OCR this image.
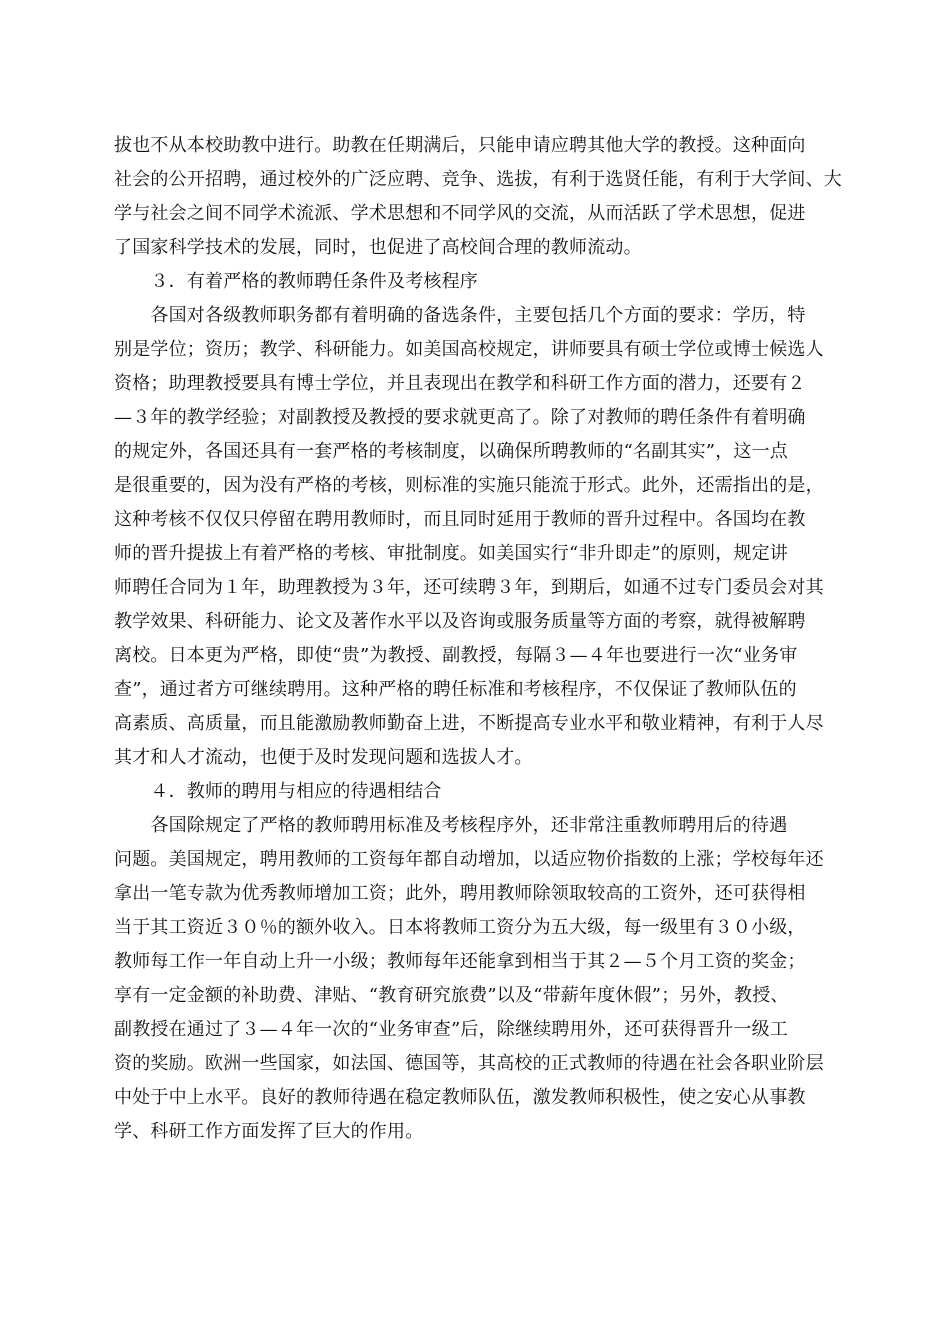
拔也不从本校助教中进行。助教在任期满后，只能申请应聘其他大学的教授。这种面向
社会的公开招聘，通过校外的广泛应聘、竞争、选拔，有利于选贤任能，有利于大学间、大
学与社会之间不同学术流派、学术思想和不同学风的交流，从而活跃了学术思想，促进
了国家科学技术的发展，同时，也促进了高校间合理的教师流动。
　　３．有着严格的教师聘任条件及考核程序
　　各国对各级教师职务都有着明确的备选条件，主要包括几个方面的要求：学历，特
别是学位；资历；教学、科研能力。如美国高校规定，讲师要具有硕士学位或博士候选人
资格；助理教授要具有博士学位，并且表现出在教学和科研工作方面的潜力，还要有２
—３年的教学经验；对副教授及教授的要求就更高了。除了对教师的聘任条件有着明确
的规定外，各国还具有一套严格的考核制度，以确保所聘教师的“名副其实”，这一点
是很重要的，因为没有严格的考核，则标准的实施只能流于形式。此外，还需指出的是，
这种考核不仅仅只停留在聘用教师时，而且同时延用于教师的晋升过程中。各国均在教
师的晋升提拔上有着严格的考核、审批制度。如美国实行“非升即走”的原则，规定讲
师聘任合同为１年，助理教授为３年，还可续聘３年，到期后，如通不过专门委员会对其
教学效果、科研能力、论文及著作水平以及咨询或服务质量等方面的考察，就得被解聘
离校。日本更为严格，即使“贵”为教授、副教授，每隔３—４年也要进行一次“业务审
查”，通过者方可继续聘用。这种严格的聘任标准和考核程序，不仅保证了教师队伍的
高素质、高质量，而且能激励教师勤奋上进，不断提高专业水平和敬业精神，有利于人尽
其才和人才流动，也便于及时发现问题和选拔人才。
　　４．教师的聘用与相应的待遇相结合
　　各国除规定了严格的教师聘用标准及考核程序外，还非常注重教师聘用后的待遇
问题。美国规定，聘用教师的工资每年都自动增加，以适应物价指数的上涨；学校每年还
拿出一笔专款为优秀教师增加工资；此外，聘用教师除领取较高的工资外，还可获得相
当于其工资近３０％的额外收入。日本将教师工资分为五大级，每一级里有３０小级，
教师每工作一年自动上升一小级；教师每年还能拿到相当于其２—５个月工资的奖金；
享有一定金额的补助费、津贴、“教育研究旅费”以及“带薪年度休假”；另外，教授、
副教授在通过了３—４年一次的“业务审查”后，除继续聘用外，还可获得晋升一级工
资的奖励。欧洲一些国家，如法国、德国等，其高校的正式教师的待遇在社会各职业阶层
中处于中上水平。良好的教师待遇在稳定教师队伍，激发教师积极性，使之安心从事教
学、科研工作方面发挥了巨大的作用。
